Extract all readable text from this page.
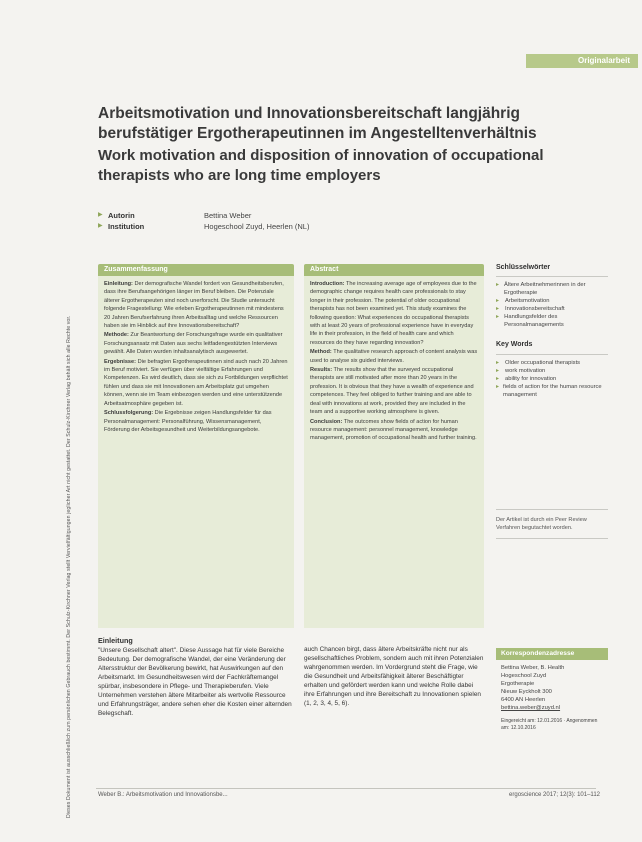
Dieses Dokument ist ausschließlich zum persönlichen Gebrauch bestimmt. Der Schulz-Kirchner Verlag stellt Vervielfältigungen jeglicher Art nicht gestattet. Der Schulz-Kirchner Verlag behält sich alle Rechte vor.
Originalarbeit
Arbeitsmotivation und Innovationsbereitschaft langjährig berufstätiger Ergotherapeutinnen im Angestelltenverhältnis
Work motivation and disposition of innovation of occupational therapists who are long time employers
▶ Autorin	Bettina Weber
▶ Institution	Hogeschool Zuyd, Heerlen (NL)
Zusammenfassung

Einleitung: Der demografische Wandel fordert von Gesundheitsberufen, dass ihre Berufsangehörigen länger im Beruf bleiben. Die Potenziale älterer Ergotherapeuten sind noch unerforscht. Die Studie untersucht folgende Fragestellung: Wie erleben Ergotherapeutinnen mit mindestens 20 Jahren Berufserfahrung ihren Arbeitsalltag und welche Ressourcen haben sie im Hinblick auf ihre Innovationsbereitschaft?

Methode: Zur Beantwortung der Forschungsfrage wurde ein qualitativer Forschungsansatz mit Daten aus sechs leitfadengestützten Interviews gewählt. Alle Daten wurden inhaltsanalytisch ausgewertet.

Ergebnisse: Die befragten Ergotherapeutinnen sind auch nach 20 Jahren im Beruf motiviert. Sie verfügen über vielfältige Erfahrungen und Kompetenzen. Es wird deutlich, dass sie sich zu Fortbildungen verpflichtet fühlen und dass sie mit Innovationen am Arbeitsplatz gut umgehen können, wenn sie im Team einbezogen werden und eine unterstützende Arbeitsatmosphäre gegeben ist.

Schlussfolgerung: Die Ergebnisse zeigen Handlungsfelder für das Personalmanagement: Personalführung, Wissensmanagement, Förderung der Arbeitsgesundheit und Weiterbildungsangebote.

Abstract

Introduction: The increasing average age of employees due to the demographic change requires health care professionals to stay longer in their profession. The potential of older occupational therapists has not been examined yet. This study examines the following question: What experiences do occupational therapists with at least 20 years of professional experience have in everyday life in their profession, in the field of health care and which resources do they have regarding innovation?

Method: The qualitative research approach of content analysis was used to analyse six guided interviews.

Results: The results show that the surveyed occupational therapists are still motivated after more than 20 years in the profession. It is obvious that they have a wealth of experience and competences. They feel obliged to further training and are able to deal with innovations at work, provided they are included in the team and a supportive working atmosphere is given.

Conclusion: The outcomes show fields of action for human resource management: personnel management, knowledge management, promotion of occupational health and further training.

Schlüsselwörter
▸ Ältere Arbeitnehmerinnen in der Ergotherapie
▸	Arbeitsmotivation
▸	Innovationsbereitschaft
▸ Handlungsfelder des Personalmanagements
Key Words
▸	Older occupational therapists
▸	work motivation
▸	ability for innovation
▸ fields of action for the human resource management
Der Artikel ist durch ein Peer Review Verfahren begutachtet worden.
Korrespondenzadresse
Bettina Weber, B. Health
Hogeschool Zuyd
Ergotherapie
Nieuw Eyckholt 300
6400 AN Heerlen
bettina.weber@zuyd.nl
Eingereicht am: 12.01.2016 · Angenommen am: 12.10.2016
Einleitung
"Unsere Gesellschaft altert". Diese Aussage hat für viele Bereiche Bedeutung. Der demografische Wandel, der eine Veränderung der Altersstruktur der Bevölkerung bewirkt, hat Auswirkungen auf den Arbeitsmarkt. Im Gesundheitswesen wird der Fachkräftemangel spürbar, insbesondere in Pflege- und Therapieberufen. Viele Unternehmen verstehen ältere Mitarbeiter als wertvolle Ressource und Erfahrungsträger, andere sehen eher die Kosten einer alternden Belegschaft.
auch Chancen birgt, dass ältere Arbeitskräfte nicht nur als gesellschaftliches Problem, sondern auch mit ihren Potenzialen wahrgenommen werden. Im Vordergrund steht die Frage, wie die Gesundheit und Arbeitsfähigkeit älterer Beschäftigter erhalten und gefördert werden kann und welche Rolle dabei ihre Erfahrungen und ihre Bereitschaft zu Innovationen spielen (1, 2, 3, 4, 5, 6).
Weber B.: Arbeitsmotivation und Innovationsbe...	ergoscience 2017; 12(3): 101–112
